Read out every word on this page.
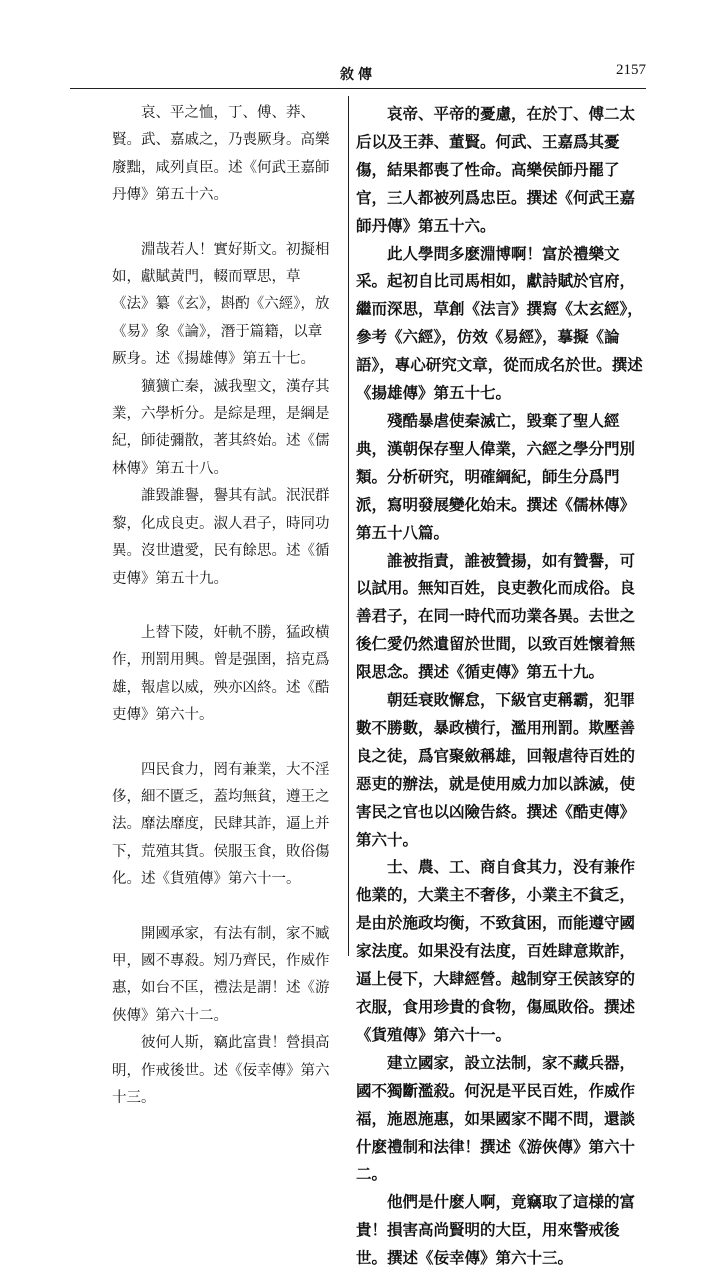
敘傳	2157

哀、平之恤，丁、傅、莽、賢。武、嘉戚之，乃喪厥身。高樂廢黜，咸列貞臣。述《何武王嘉師丹傳》第五十六。

淵哉若人！實好斯文。初擬相如，獻賦黃門，輟而覃思，草《法》纂《玄》，斟酌《六經》，放《易》象《論》，潛于篇籍，以章厥身。述《揚雄傳》第五十七。

獷獷亡秦，滅我聖文，漢存其業，六學析分。是綜是理，是綱是紀，師徒彌散，著其終始。述《儒林傳》第五十八。

誰毀誰譽，譽其有試。泯泯群黎，化成良吏。淑人君子，時同功異。沒世遺愛，民有餘思。述《循吏傳》第五十九。

上替下陵，奸軌不勝，猛政横作，刑罰用興。曾是强圉，掊克爲雄，報虐以威，殃亦凶終。述《酷吏傳》第六十。

四民食力，罔有兼業，大不淫侈，細不匱乏，蓋均無貧，遵王之法。靡法靡度，民肆其詐，逼上并下，荒殖其貨。侯服玉食，敗俗傷化。述《貨殖傳》第六十一。

開國承家，有法有制，家不臧甲，國不專殺。矧乃齊民，作威作惠，如台不匡，禮法是謂！述《游俠傳》第六十二。

彼何人斯，竊此富貴！營損高明，作戒後世。述《佞幸傳》第六十三。

哀帝、平帝的憂慮，在於丁、傅二太后以及王莽、董賢。何武、王嘉爲其憂傷，結果都喪了性命。高樂侯師丹罷了官，三人都被列爲忠臣。撰述《何武王嘉師丹傳》第五十六。

此人學問多麽淵博啊！富於禮樂文采。起初自比司馬相如，獻詩賦於官府，繼而深思，草創《法言》撰寫《太玄經》，參考《六經》，仿效《易經》，摹擬《論語》，專心研究文章，從而成名於世。撰述《揚雄傳》第五十七。

殘酷暴虐使秦滅亡，毀棄了聖人經典，漢朝保存聖人偉業，六經之學分門別類。分析研究，明確綱紀，師生分爲門派，寫明發展變化始末。撰述《儒林傳》第五十八篇。

誰被指責，誰被贊揚，如有贊譽，可以試用。無知百姓，良吏教化而成俗。良善君子，在同一時代而功業各異。去世之後仁愛仍然遺留於世間，以致百姓懷着無限思念。撰述《循吏傳》第五十九。

朝廷衰敗懈怠，下級官吏稱霸，犯罪數不勝數，暴政横行，濫用刑罰。欺壓善良之徒，爲官聚斂稱雄，回報虐待百姓的惡吏的辦法，就是使用威力加以誅滅，使害民之官也以凶險告終。撰述《酷吏傳》第六十。

士、農、工、商自食其力，没有兼作他業的，大業主不奢侈，小業主不貧乏，是由於施政均衡，不致貧困，而能遵守國家法度。如果没有法度，百姓肆意欺詐，逼上侵下，大肆經營。越制穿王侯該穿的衣服，食用珍貴的食物，傷風敗俗。撰述《貨殖傳》第六十一。

建立國家，設立法制，家不藏兵器，國不獨斷濫殺。何況是平民百姓，作威作福，施恩施惠，如果國家不聞不問，還談什麽禮制和法律！撰述《游俠傳》第六十二。

他們是什麽人啊，竟竊取了這様的富貴！損害高尚賢明的大臣，用來警戒後世。撰述《佞幸傳》第六十三。
